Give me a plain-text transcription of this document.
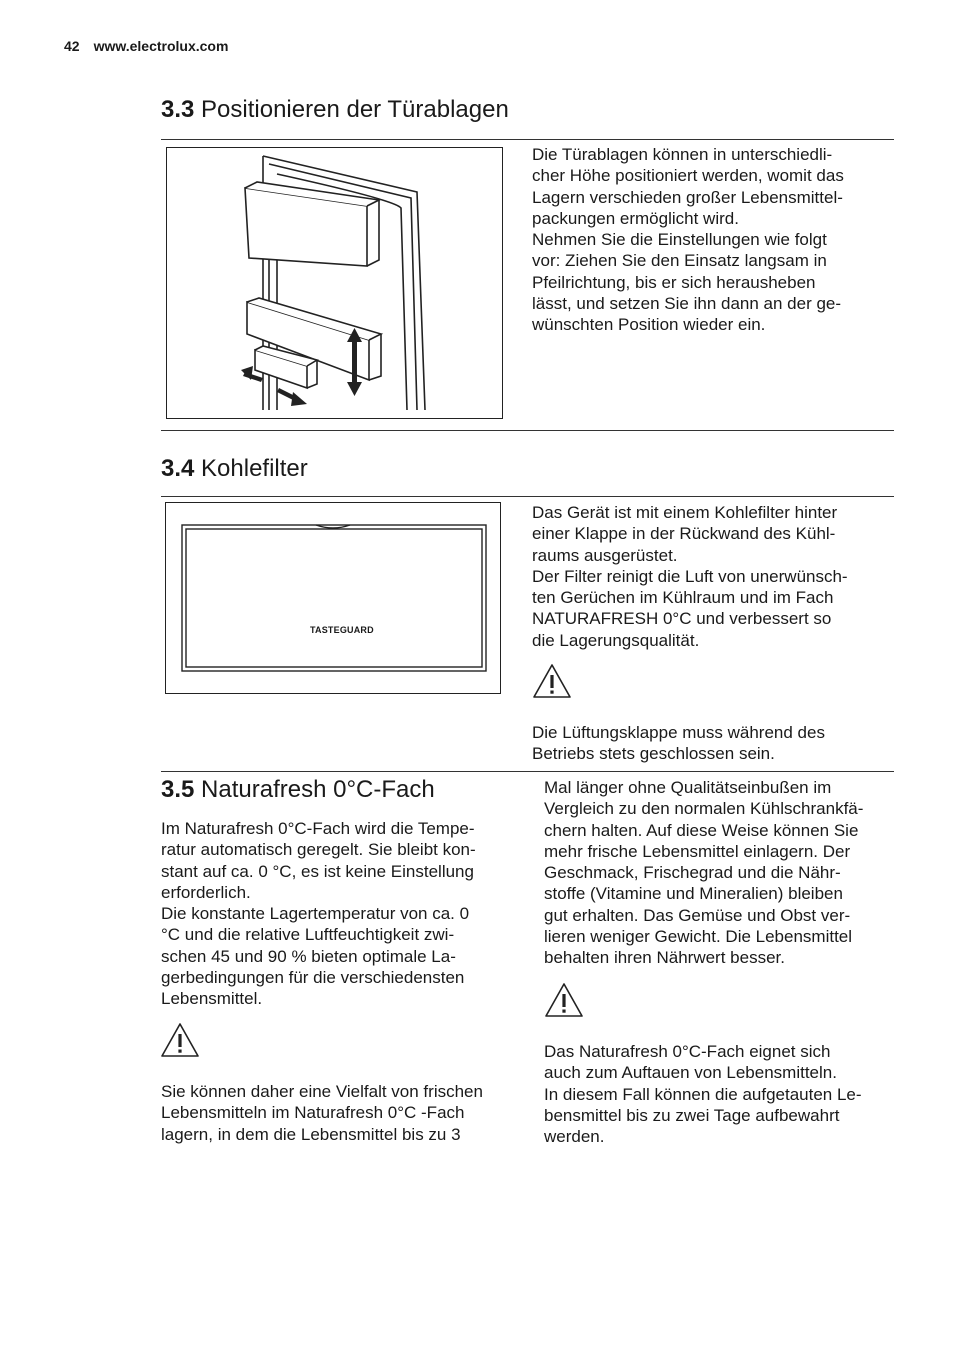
42 www.electrolux.com
3.3 Positionieren der Türablagen
Die Türablagen können in unterschiedli-
cher Höhe positioniert werden, womit das
Lagern verschieden großer Lebensmittel-
packungen ermöglicht wird.
Nehmen Sie die Einstellungen wie folgt
vor: Ziehen Sie den Einsatz langsam in
Pfeilrichtung, bis er sich herausheben
lässt, und setzen Sie ihn dann an der ge-
wünschten Position wieder ein.
3.4 Kohlefilter
TASTEGUARD
Das Gerät ist mit einem Kohlefilter hinter
einer Klappe in der Rückwand des Kühl-
raums ausgerüstet.
Der Filter reinigt die Luft von unerwünsch-
ten Gerüchen im Kühlraum und im Fach
NATURAFRESH 0°C und verbessert so
die Lagerungsqualität.
Die Lüftungsklappe muss während des
Betriebs stets geschlossen sein.
3.5 Naturafresh 0°C-Fach
Im Naturafresh 0°C-Fach wird die Tempe-
ratur automatisch geregelt. Sie bleibt kon-
stant auf ca. 0 °C, es ist keine Einstellung
erforderlich.
Die konstante Lagertemperatur von ca. 0
°C und die relative Luftfeuchtigkeit zwi-
schen 45 und 90 % bieten optimale La-
gerbedingungen für die verschiedensten
Lebensmittel.
Sie können daher eine Vielfalt von frischen
Lebensmitteln im Naturafresh 0°C -Fach
lagern, in dem die Lebensmittel bis zu 3
Mal länger ohne Qualitätseinbußen im
Vergleich zu den normalen Kühlschrankfä-
chern halten. Auf diese Weise können Sie
mehr frische Lebensmittel einlagern. Der
Geschmack, Frischegrad und die Nähr-
stoffe (Vitamine und Mineralien) bleiben
gut erhalten. Das Gemüse und Obst ver-
lieren weniger Gewicht. Die Lebensmittel
behalten ihren Nährwert besser.
Das Naturafresh 0°C-Fach eignet sich
auch zum Auftauen von Lebensmitteln.
In diesem Fall können die aufgetauten Le-
bensmittel bis zu zwei Tage aufbewahrt
werden.
